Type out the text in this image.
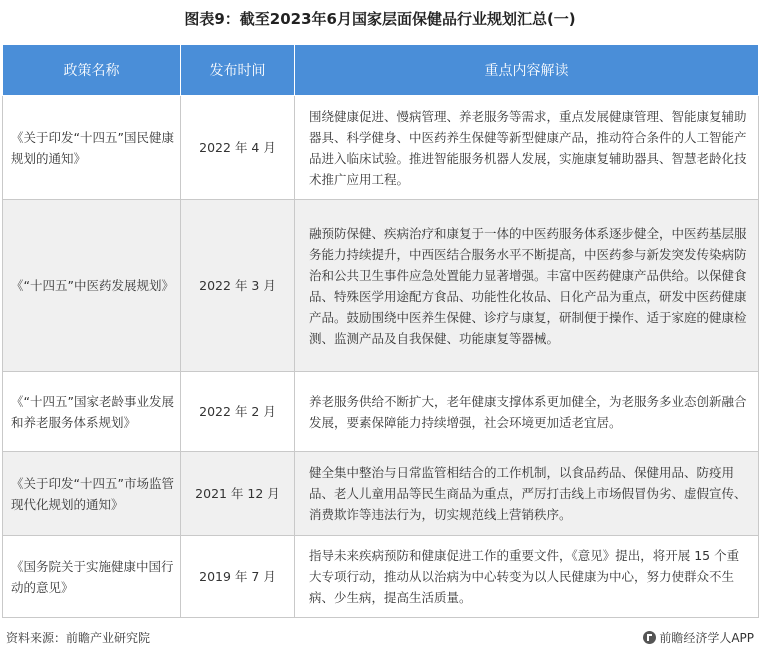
图表9：截至2023年6月国家层面保健品行业规划汇总(一)
政策名称	发布时间	重点内容解读
《关于印发“十四五”国民健康规划的通知》	2022 年 4 月	围绕健康促进、慢病管理、养老服务等需求，重点发展健康管理、智能康复辅助器具、科学健身、中医药养生保健等新型健康产品，推动符合条件的人工智能产品进入临床试验。推进智能服务机器人发展，实施康复辅助器具、智慧老龄化技术推广应用工程。
《“十四五”中医药发展规划》	2022 年 3 月	融预防保健、疾病治疗和康复于一体的中医药服务体系逐步健全，中医药基层服务能力持续提升，中西医结合服务水平不断提高，中医药参与新发突发传染病防治和公共卫生事件应急处置能力显著增强。丰富中医药健康产品供给。以保健食品、特殊医学用途配方食品、功能性化妆品、日化产品为重点，研发中医药健康产品。鼓励围绕中医养生保健、诊疗与康复，研制便于操作、适于家庭的健康检测、监测产品及自我保健、功能康复等器械。
《“十四五”国家老龄事业发展和养老服务体系规划》	2022 年 2 月	养老服务供给不断扩大，老年健康支撑体系更加健全，为老服务多业态创新融合发展，要素保障能力持续增强，社会环境更加适老宜居。
《关于印发“十四五”市场监管现代化规划的通知》	2021 年 12 月	健全集中整治与日常监管相结合的工作机制，以食品药品、保健用品、防疫用品、老人儿童用品等民生商品为重点，严厉打击线上市场假冒伪劣、虚假宣传、消费欺诈等违法行为，切实规范线上营销秩序。
《国务院关于实施健康中国行动的意见》	2019 年 7 月	指导未来疾病预防和健康促进工作的重要文件，《意见》提出，将开展 15 个重大专项行动，推动从以治病为中心转变为以人民健康为中心，努力使群众不生病、少生病，提高生活质量。
资料来源：前瞻产业研究院	前瞻经济学人APP
